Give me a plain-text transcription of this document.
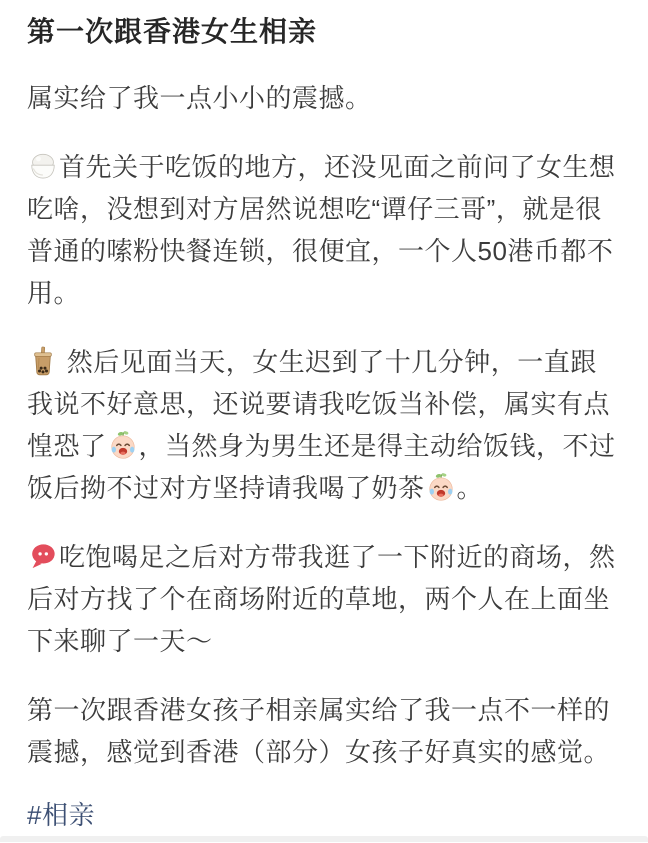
第一次跟香港女生相亲

属实给了我一点小小的震撼。

首先关于吃饭的地方，还没见面之前问了女生想吃啥，没想到对方居然说想吃“谭仔三哥”，就是很普通的嗦粉快餐连锁，很便宜，一个人50港币都不用。

然后见面当天，女生迟到了十几分钟，一直跟我说不好意思，还说要请我吃饭当补偿，属实有点惶恐了 ，当然身为男生还是得主动给饭钱，不过饭后拗不过对方坚持请我喝了奶茶 。

吃饱喝足之后对方带我逛了一下附近的商场，然后对方找了个在商场附近的草地，两个人在上面坐下来聊了一天～

第一次跟香港女孩子相亲属实给了我一点不一样的震撼，感觉到香港（部分）女孩子好真实的感觉。

#相亲
